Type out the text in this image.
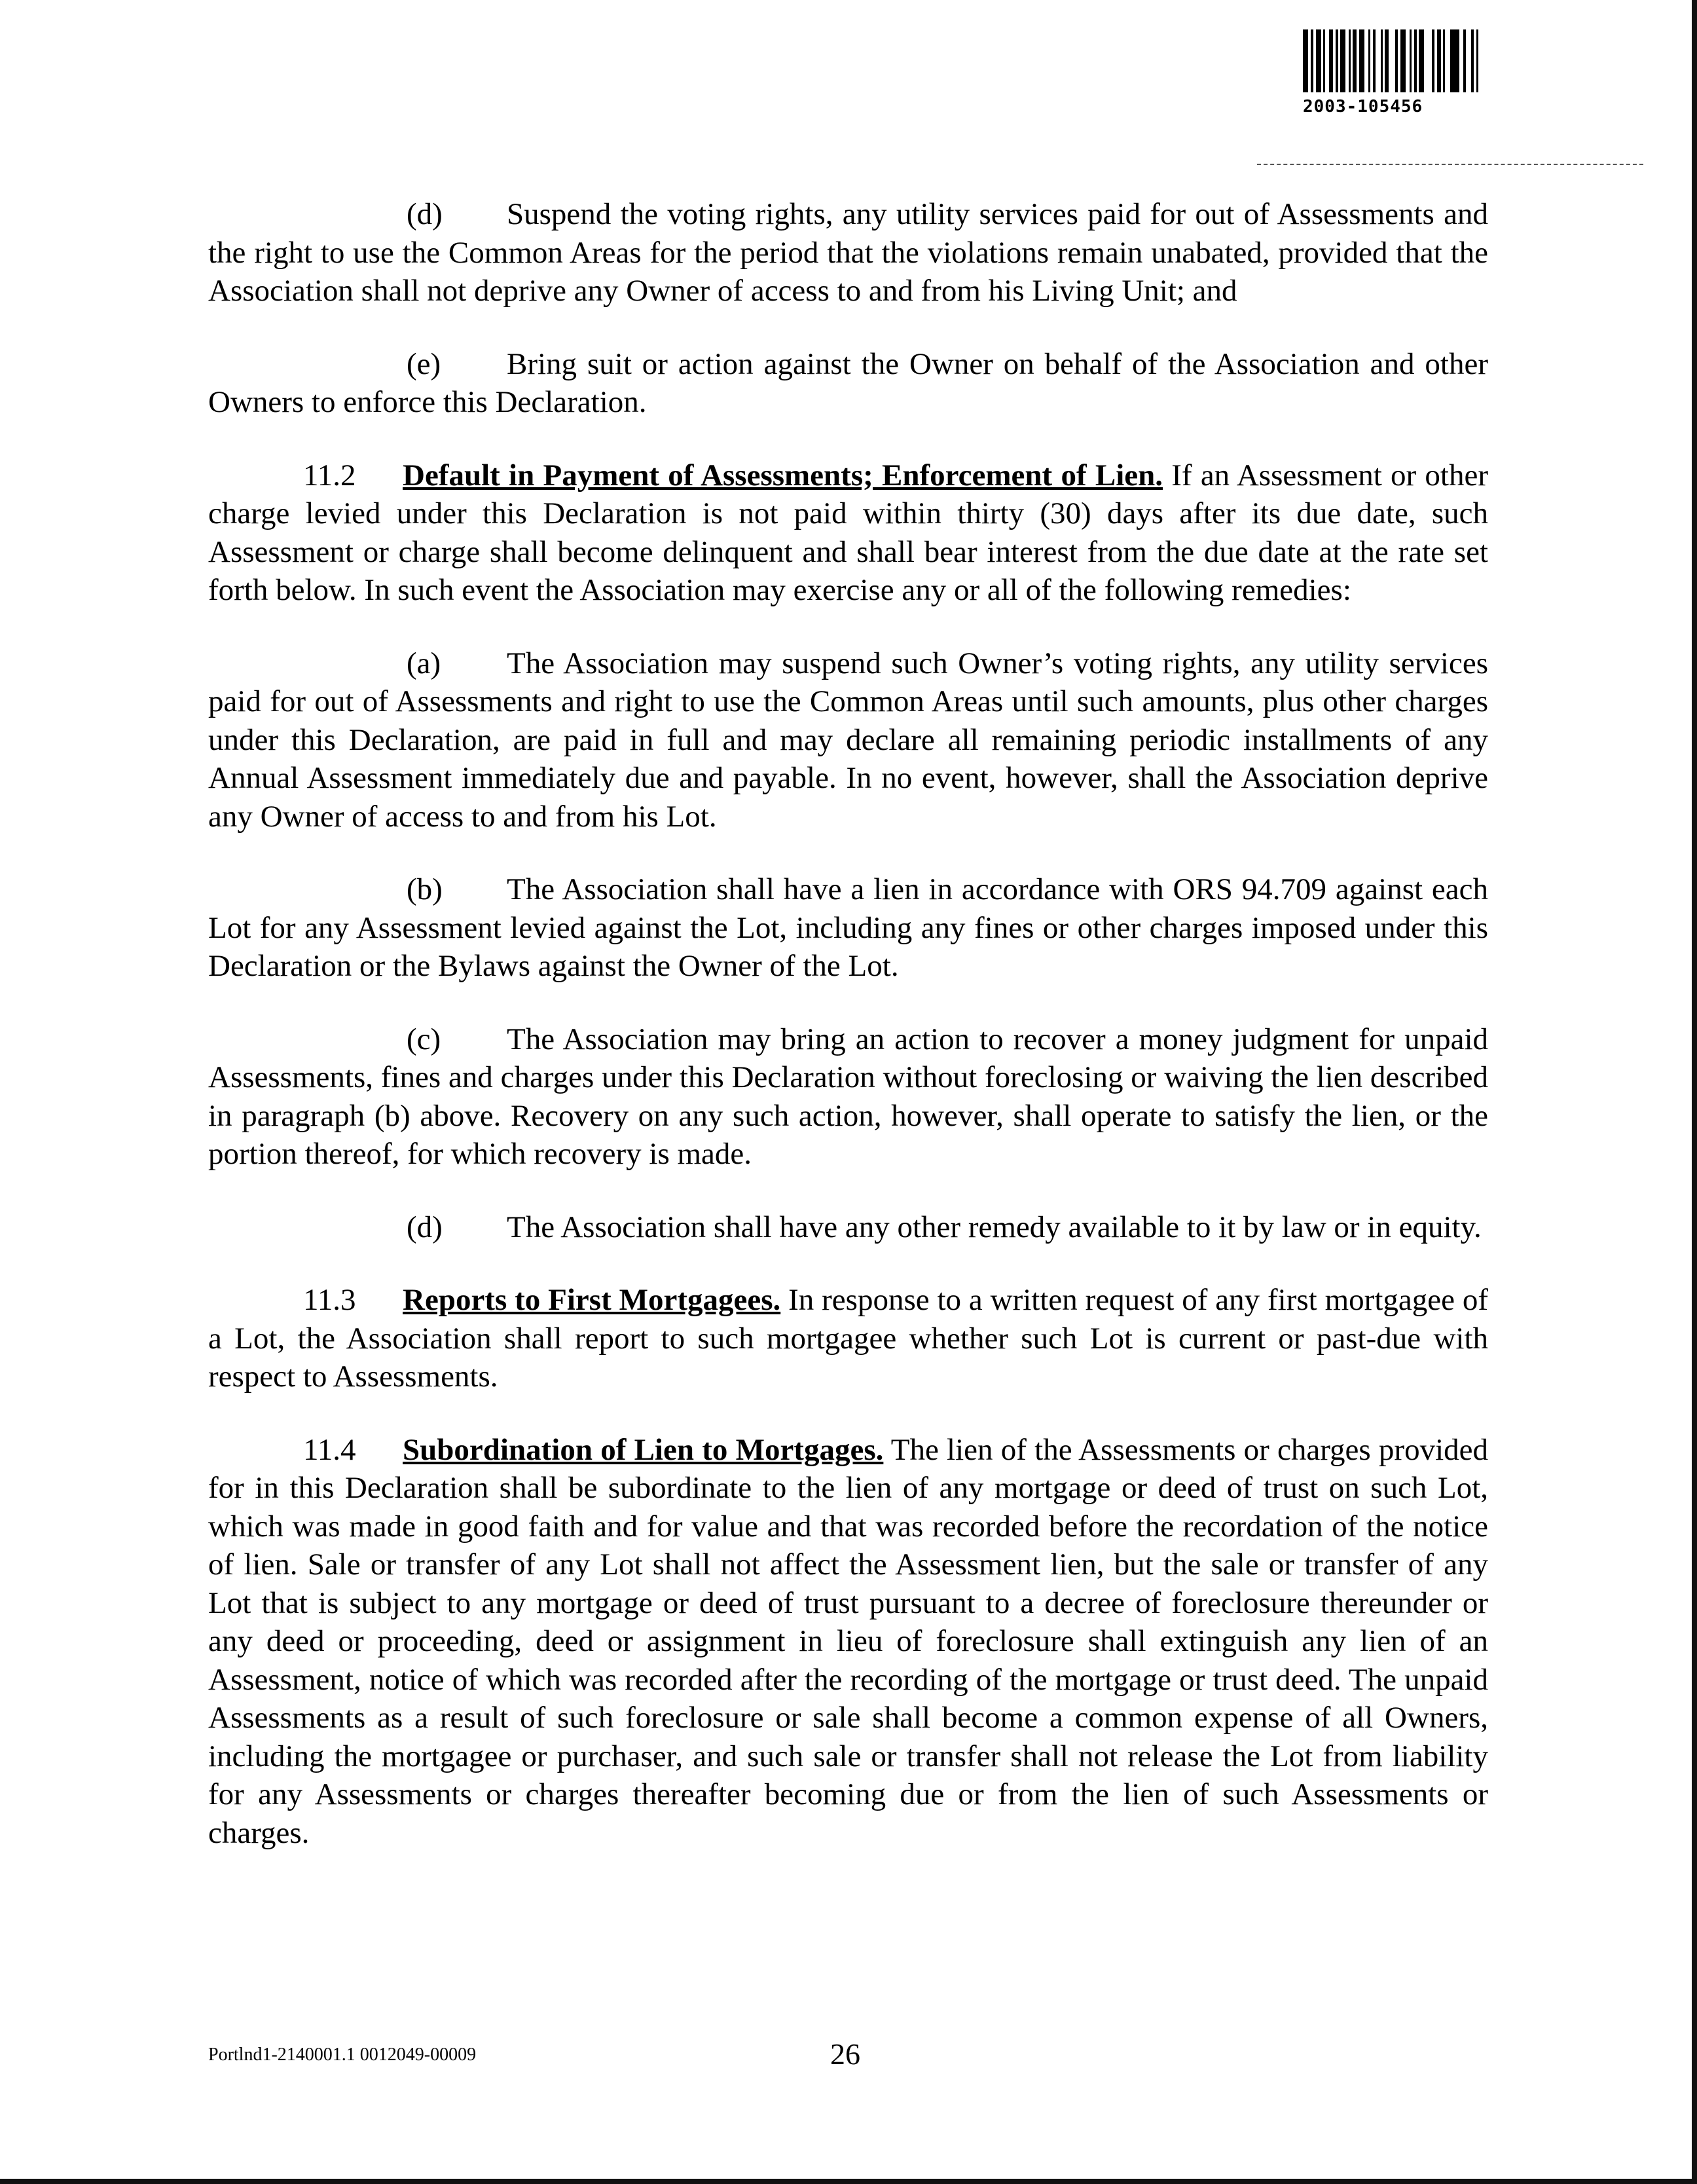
2003-105456

(d) Suspend the voting rights, any utility services paid for out of Assessments and the right to use the Common Areas for the period that the violations remain unabated, provided that the Association shall not deprive any Owner of access to and from his Living Unit; and

(e) Bring suit or action against the Owner on behalf of the Association and other Owners to enforce this Declaration.

11.2 Default in Payment of Assessments; Enforcement of Lien. If an Assessment or other charge levied under this Declaration is not paid within thirty (30) days after its due date, such Assessment or charge shall become delinquent and shall bear interest from the due date at the rate set forth below. In such event the Association may exercise any or all of the following remedies:

(a) The Association may suspend such Owner’s voting rights, any utility services paid for out of Assessments and right to use the Common Areas until such amounts, plus other charges under this Declaration, are paid in full and may declare all remaining periodic installments of any Annual Assessment immediately due and payable. In no event, however, shall the Association deprive any Owner of access to and from his Lot.

(b) The Association shall have a lien in accordance with ORS 94.709 against each Lot for any Assessment levied against the Lot, including any fines or other charges imposed under this Declaration or the Bylaws against the Owner of the Lot.

(c) The Association may bring an action to recover a money judgment for unpaid Assessments, fines and charges under this Declaration without foreclosing or waiving the lien described in paragraph (b) above. Recovery on any such action, however, shall operate to satisfy the lien, or the portion thereof, for which recovery is made.

(d) The Association shall have any other remedy available to it by law or in equity.

11.3 Reports to First Mortgagees. In response to a written request of any first mortgagee of a Lot, the Association shall report to such mortgagee whether such Lot is current or past-due with respect to Assessments.

11.4 Subordination of Lien to Mortgages. The lien of the Assessments or charges provided for in this Declaration shall be subordinate to the lien of any mortgage or deed of trust on such Lot, which was made in good faith and for value and that was recorded before the recordation of the notice of lien. Sale or transfer of any Lot shall not affect the Assessment lien, but the sale or transfer of any Lot that is subject to any mortgage or deed of trust pursuant to a decree of foreclosure thereunder or any deed or proceeding, deed or assignment in lieu of foreclosure shall extinguish any lien of an Assessment, notice of which was recorded after the recording of the mortgage or trust deed. The unpaid Assessments as a result of such foreclosure or sale shall become a common expense of all Owners, including the mortgagee or purchaser, and such sale or transfer shall not release the Lot from liability for any Assessments or charges thereafter becoming due or from the lien of such Assessments or charges.

Portlnd1-2140001.1 0012049-00009	26
